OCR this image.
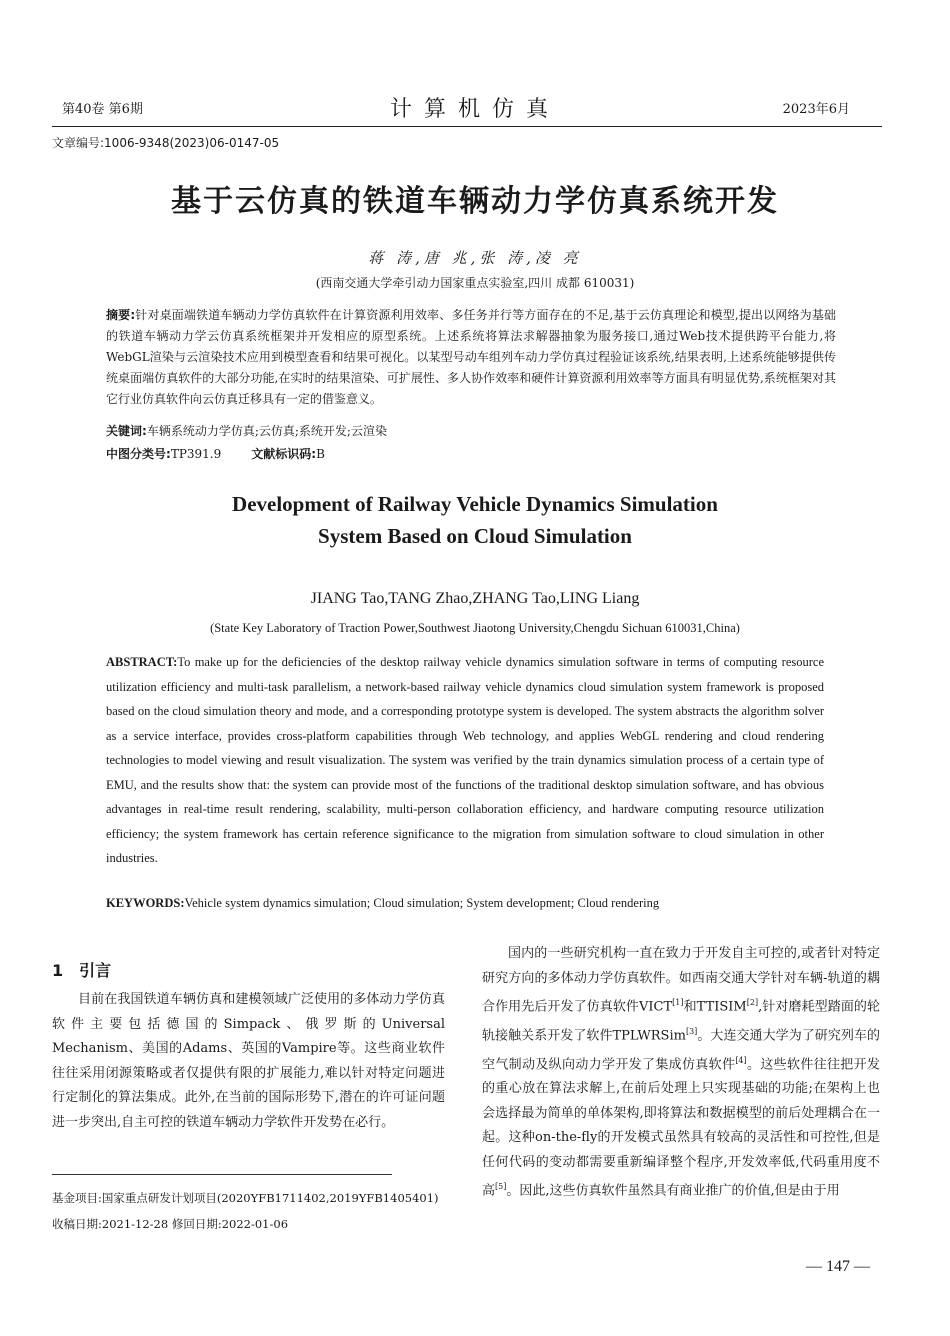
第40卷 第6期	计算机仿真	2023年6月
文章编号:1006-9348(2023)06-0147-05
基于云仿真的铁道车辆动力学仿真系统开发
蒋 涛,唐 兆,张 涛,凌 亮
(西南交通大学牵引动力国家重点实验室,四川 成都 610031)
摘要:针对桌面端铁道车辆动力学仿真软件在计算资源利用效率、多任务并行等方面存在的不足,基于云仿真理论和模型,提出以网络为基础的铁道车辆动力学云仿真系统框架并开发相应的原型系统。上述系统将算法求解器抽象为服务接口,通过Web技术提供跨平台能力,将WebGL渲染与云渲染技术应用到模型查看和结果可视化。以某型号动车组列车动力学仿真过程验证该系统,结果表明,上述系统能够提供传统桌面端仿真软件的大部分功能,在实时的结果渲染、可扩展性、多人协作效率和硬件计算资源利用效率等方面具有明显优势,系统框架对其它行业仿真软件向云仿真迁移具有一定的借鉴意义。
关键词:车辆系统动力学仿真;云仿真;系统开发;云渲染
中图分类号:TP391.9	文献标识码:B
Development of Railway Vehicle Dynamics Simulation
System Based on Cloud Simulation
JIANG Tao,TANG Zhao,ZHANG Tao,LING Liang
(State Key Laboratory of Traction Power,Southwest Jiaotong University,Chengdu Sichuan 610031,China)
ABSTRACT:To make up for the deficiencies of the desktop railway vehicle dynamics simulation software in terms of computing resource utilization efficiency and multi-task parallelism, a network-based railway vehicle dynamics cloud simulation system framework is proposed based on the cloud simulation theory and mode, and a corresponding prototype system is developed. The system abstracts the algorithm solver as a service interface, provides cross-platform capabilities through Web technology, and applies WebGL rendering and cloud rendering technologies to model viewing and result visualization. The system was verified by the train dynamics simulation process of a certain type of EMU, and the results show that: the system can provide most of the functions of the traditional desktop simulation software, and has obvious advantages in real-time result rendering, scalability, multi-person collaboration efficiency, and hardware computing resource utilization efficiency; the system framework has certain reference significance to the migration from simulation software to cloud simulation in other industries.
KEYWORDS:Vehicle system dynamics simulation; Cloud simulation; System development; Cloud rendering
1 引言

目前在我国铁道车辆仿真和建模领域广泛使用的多体动力学仿真软件主要包括德国的Simpack、俄罗斯的Universal Mechanism、美国的Adams、英国的Vampire等。这些商业软件往往采用闭源策略或者仅提供有限的扩展能力,难以针对特定问题进行定制化的算法集成。此外,在当前的国际形势下,潜在的许可证问题进一步突出,自主可控的铁道车辆动力学软件开发势在必行。

国内的一些研究机构一直在致力于开发自主可控的,或者针对特定研究方向的多体动力学仿真软件。如西南交通大学针对车辆-轨道的耦合作用先后开发了仿真软件VICT[1]和TTISIM[2],针对磨耗型踏面的轮轨接触关系开发了软件TPLWRSim[3]。大连交通大学为了研究列车的空气制动及纵向动力学开发了集成仿真软件[4]。这些软件往往把开发的重心放在算法求解上,在前后处理上只实现基础的功能;在架构上也会选择最为简单的单体架构,即将算法和数据模型的前后处理耦合在一起。这种on-the-fly的开发模式虽然具有较高的灵活性和可控性,但是任何代码的变动都需要重新编译整个程序,开发效率低,代码重用度不高[5]。因此,这些仿真软件虽然具有商业推广的价值,但是由于用

基金项目:国家重点研发计划项目(2020YFB1711402,2019YFB1405401)
收稿日期:2021-12-28 修回日期:2022-01-06
— 147 —
